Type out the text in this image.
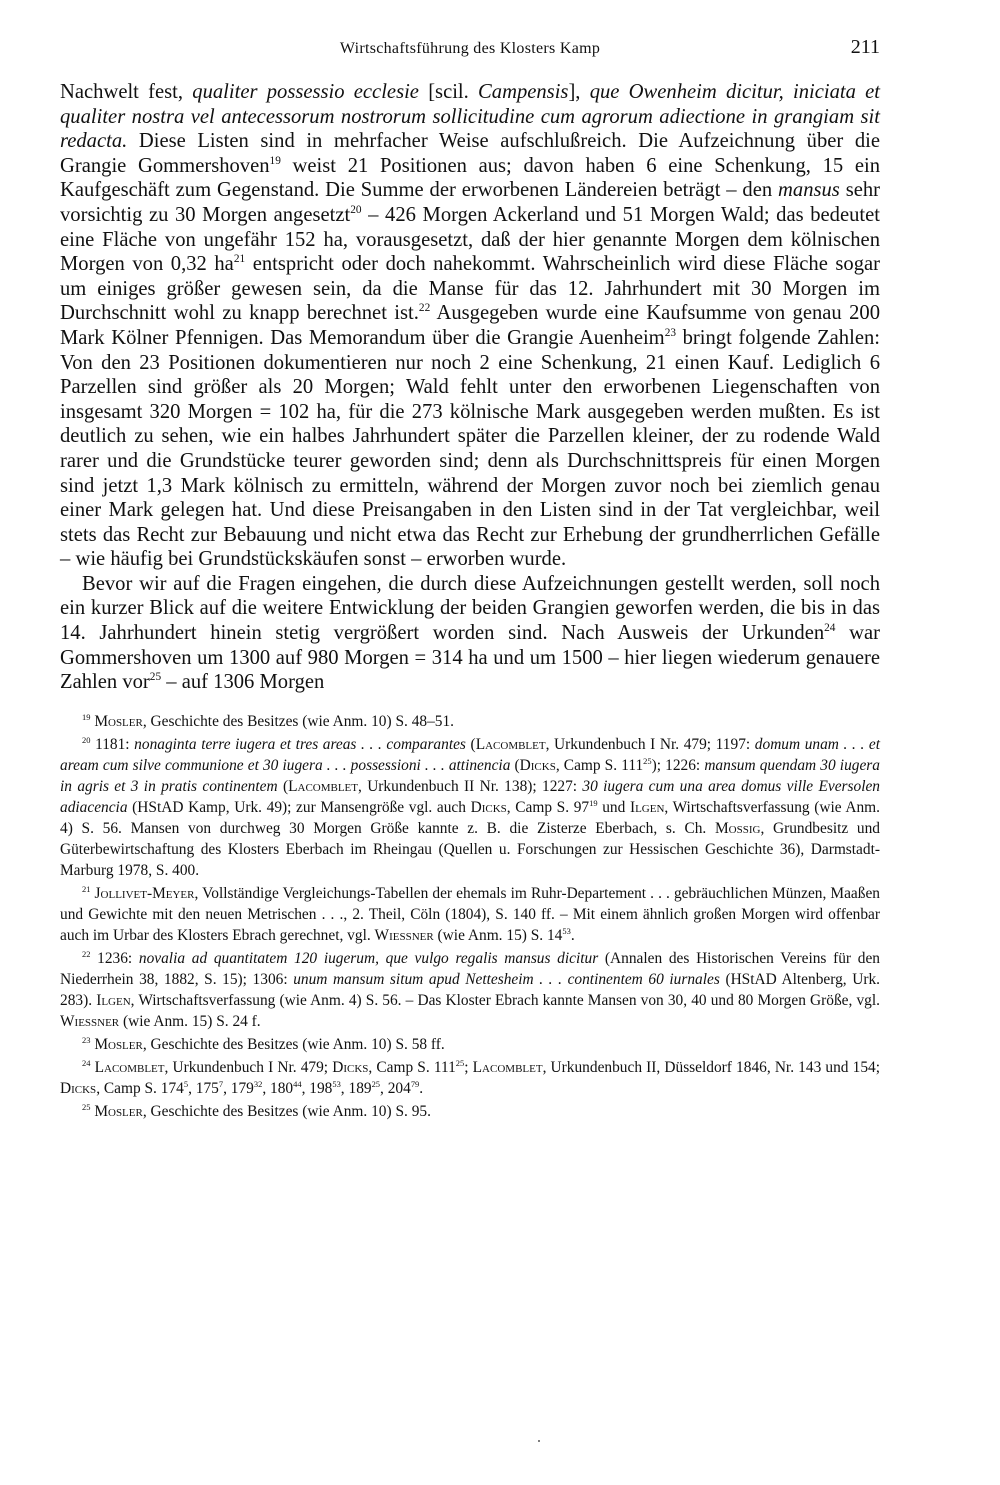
Wirtschaftsführung des Klosters Kamp	211

Nachwelt fest, qualiter possessio ecclesie [scil. Campensis], que Owenheim dicitur, iniciata et qualiter nostra vel antecessorum nostrorum sollicitudine cum agrorum adiectione in grangiam sit redacta. Diese Listen sind in mehrfacher Weise aufschlußreich. Die Aufzeichnung über die Grangie Gommershoven$^{19}$ weist 21 Positionen aus; davon haben 6 eine Schenkung, 15 ein Kaufgeschäft zum Gegenstand. Die Summe der erworbenen Ländereien beträgt – den mansus sehr vorsichtig zu 30 Morgen angesetzt$^{20}$ – 426 Morgen Ackerland und 51 Morgen Wald; das bedeutet eine Fläche von ungefähr 152 ha, vorausgesetzt, daß der hier genannte Morgen dem kölnischen Morgen von 0,32 $ha^{21}$ entspricht oder doch nahekommt. Wahrscheinlich wird diese Fläche sogar um einiges größer gewesen sein, da die Manse für das 12. Jahrhundert mit 30 Morgen im Durchschnitt wohl zu knapp berechnet ist.$^{22}$ Ausgegeben wurde eine Kaufsumme von genau 200 Mark Kölner Pfennigen. Das Memorandum über die Grangie Auenheim$^{23}$ bringt folgende Zahlen: Von den 23 Positionen dokumentieren nur noch 2 eine Schenkung, 21 einen Kauf. Lediglich 6 Parzellen sind größer als 20 Morgen; Wald fehlt unter den erworbenen Liegenschaften von insgesamt 320 Morgen = 102 ha, für die 273 kölnische Mark ausgegeben werden mußten. Es ist deutlich zu sehen, wie ein halbes Jahrhundert später die Parzellen kleiner, der zu rodende Wald rarer und die Grundstücke teurer geworden sind; denn als Durchschnittspreis für einen Morgen sind jetzt 1,3 Mark kölnisch zu ermitteln, während der Morgen zuvor noch bei ziemlich genau einer Mark gelegen hat. Und diese Preisangaben in den Listen sind in der Tat vergleichbar, weil stets das Recht zur Bebauung und nicht etwa das Recht zur Erhebung der grundherrlichen Gefälle – wie häufig bei Grundstückskäufen sonst – erworben wurde.

Bevor wir auf die Fragen eingehen, die durch diese Aufzeichnungen gestellt werden, soll noch ein kurzer Blick auf die weitere Entwicklung der beiden Grangien geworfen werden, die bis in das 14. Jahrhundert hinein stetig vergrößert worden sind. Nach Ausweis der Urkunden$^{24}$ war Gommershoven um 1300 auf 980 Morgen = 314 ha und um 1500 – hier liegen wiederum genauere Zahlen vor$^{25}$ – auf 1306 Morgen

$^{19}$ Mosler, Geschichte des Besitzes (wie Anm. 10) S. 48–51.

$^{20}$ 1181: nonaginta terre iugera et tres areas . . . comparantes (Lacomblet, Urkundenbuch I Nr. 479; 1197: domum unam . . . et aream cum silve communione et 30 iugera . . . possessioni . . . attinencia (Dicks, Camp S. $111^{25}$); 1226: mansum quendam 30 iugera in agris et 3 in pratis continentem (Lacomblet, Urkundenbuch II Nr. 138); 1227: 30 iugera cum una area domus ville Eversolen adiacencia (HStAD Kamp, Urk. 49); zur Mansengröße vgl. auch Dicks, Camp S. $97^{19}$ und Ilgen, Wirtschaftsverfassung (wie Anm. 4) S. 56. Mansen von durchweg 30 Morgen Größe kannte z. B. die Zisterze Eberbach, s. Ch. Mossig, Grundbesitz und Güterbewirtschaftung des Klosters Eberbach im Rheingau (Quellen u. Forschungen zur Hessischen Geschichte 36), Darmstadt-Marburg 1978, S. 400.

$^{21}$ Jollivet-Meyer, Vollständige Vergleichungs-Tabellen der ehemals im Ruhr-Departement . . . gebräuchlichen Münzen, Maaßen und Gewichte mit den neuen Metrischen . . ., 2. Theil, Cöln (1804), S. 140 ff. – Mit einem ähnlich großen Morgen wird offenbar auch im Urbar des Klosters Ebrach gerechnet, vgl. Wiessner (wie Anm. 15) S. $14^{53}$.

$^{22}$ 1236: novalia ad quantitatem 120 iugerum, que vulgo regalis mansus dicitur (Annalen des Historischen Vereins für den Niederrhein 38, 1882, S. 15); 1306: unum mansum situm apud Nettesheim . . . continentem 60 iurnales (HStAD Altenberg, Urk. 283). Ilgen, Wirtschaftsverfassung (wie Anm. 4) S. 56. – Das Kloster Ebrach kannte Mansen von 30, 40 und 80 Morgen Größe, vgl. Wiessner (wie Anm. 15) S. 24 f.

$^{23}$ Mosler, Geschichte des Besitzes (wie Anm. 10) S. 58 ff.

$^{24}$ Lacomblet, Urkundenbuch I Nr. 479; Dicks, Camp S. $111^{25}$; Lacomblet, Urkundenbuch II, Düsseldorf 1846, Nr. 143 und 154; Dicks, Camp S. $174^5$, $175^7$, $179^{32}$, $180^{44}$, $198^{53}$, $189^{25}$, $204^{79}$.

$^{25}$ Mosler, Geschichte des Besitzes (wie Anm. 10) S. 95.
